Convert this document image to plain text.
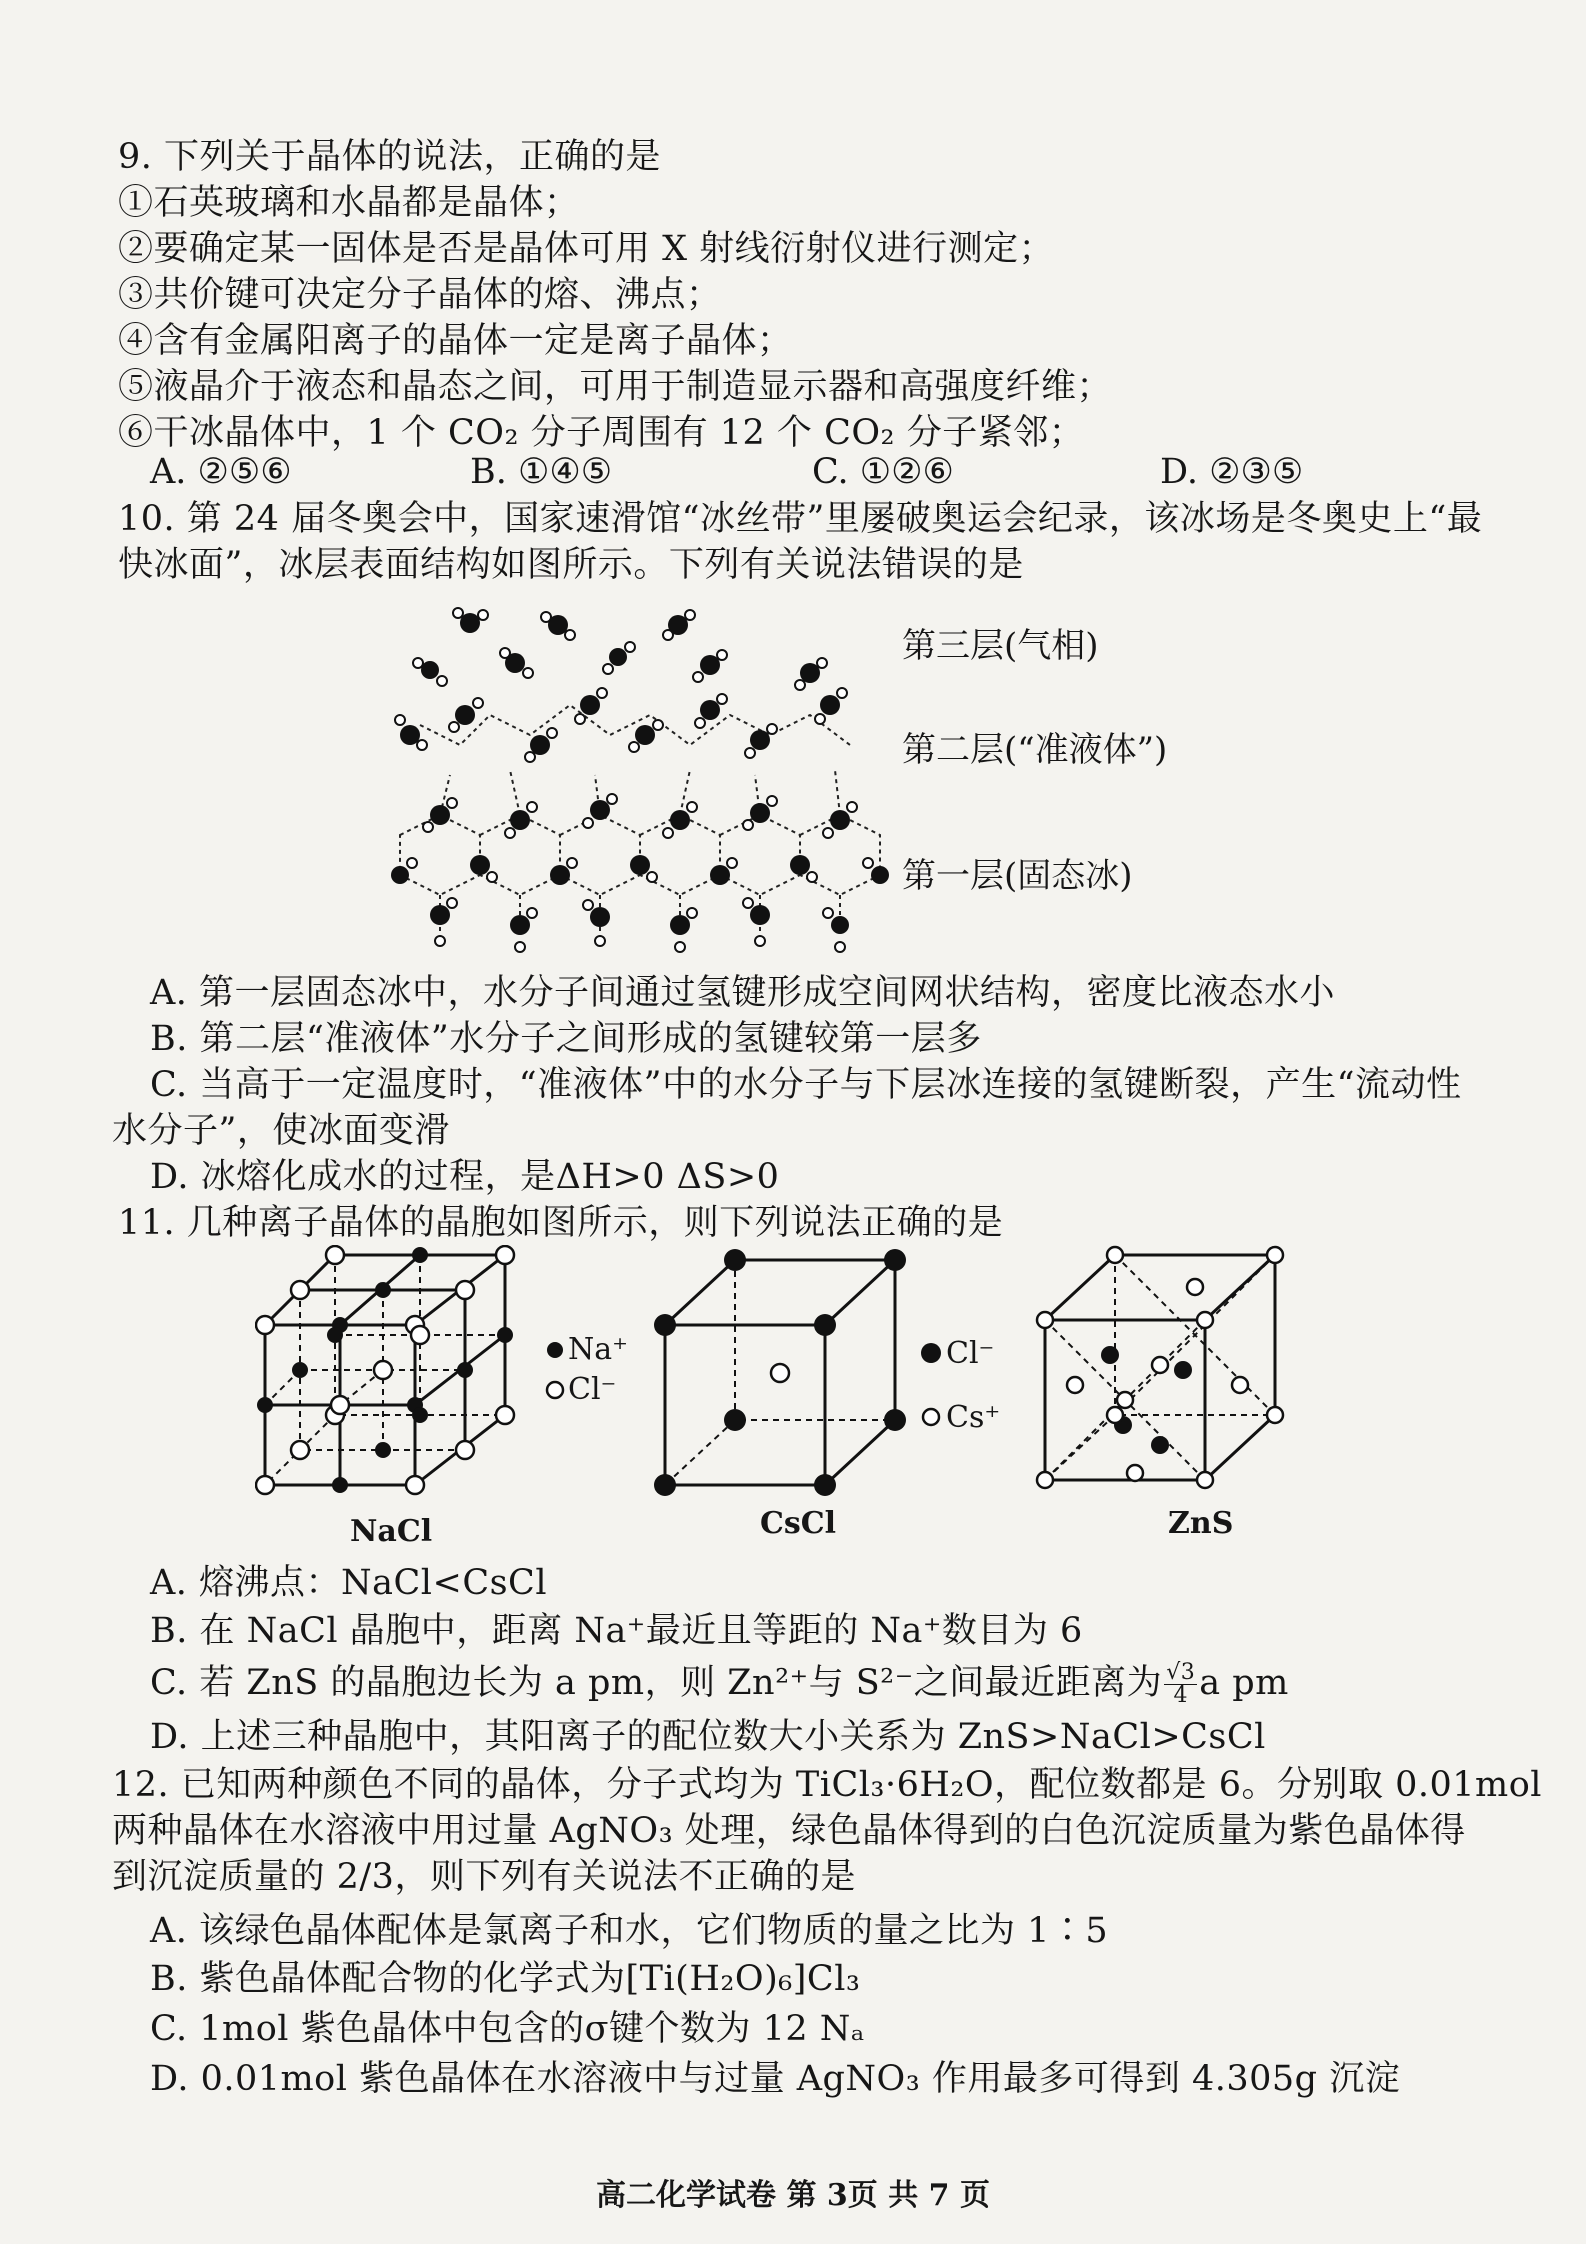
9. 下列关于晶体的说法，正确的是
①石英玻璃和水晶都是晶体；
②要确定某一固体是否是晶体可用 X 射线衍射仪进行测定；
③共价键可决定分子晶体的熔、沸点；
④含有金属阳离子的晶体一定是离子晶体；
⑤液晶介于液态和晶态之间，可用于制造显示器和高强度纤维；
⑥干冰晶体中，1 个 CO₂ 分子周围有 12 个 CO₂ 分子紧邻；
A. ②⑤⑥	B. ①④⑤	C. ①②⑥	D. ②③⑤
10. 第 24 届冬奥会中，国家速滑馆“冰丝带”里屡破奥运会纪录，该冰场是冬奥史上“最
快冰面”，冰层表面结构如图所示。下列有关说法错误的是
第三层(气相)
第二层(“准液体”)
第一层(固态冰)
A. 第一层固态冰中，水分子间通过氢键形成空间网状结构，密度比液态水小
B. 第二层“准液体”水分子之间形成的氢键较第一层多
C. 当高于一定温度时，“准液体”中的水分子与下层冰连接的氢键断裂，产生“流动性
水分子”，使冰面变滑
D. 冰熔化成水的过程，是ΔH>0 ΔS>0
11. 几种离子晶体的晶胞如图所示，则下列说法正确的是
Na⁺
Cl⁻
Cl⁻
Cs⁺
NaCl	CsCl	ZnS
A. 熔沸点：NaCl<CsCl
B. 在 NaCl 晶胞中，距离 Na⁺最近且等距的 Na⁺数目为 6
C. 若 ZnS 的晶胞边长为 a pm，则 Zn²⁺与 S²⁻之间最近距离为 $\frac{√3}{4}$ a pm
D. 上述三种晶胞中，其阳离子的配位数大小关系为 ZnS>NaCl>CsCl
12. 已知两种颜色不同的晶体，分子式均为 TiCl₃·6H₂O，配位数都是 6。分别取 0.01mol
两种晶体在水溶液中用过量 AgNO₃ 处理，绿色晶体得到的白色沉淀质量为紫色晶体得
到沉淀质量的 2/3，则下列有关说法不正确的是
A. 该绿色晶体配体是氯离子和水，它们物质的量之比为 1∶5
B. 紫色晶体配合物的化学式为[Ti(H₂O)₆]Cl₃
C. 1mol 紫色晶体中包含的σ键个数为 12 Nₐ
D. 0.01mol 紫色晶体在水溶液中与过量 AgNO₃ 作用最多可得到 4.305g 沉淀
高二化学试卷 第 3页 共 7 页
